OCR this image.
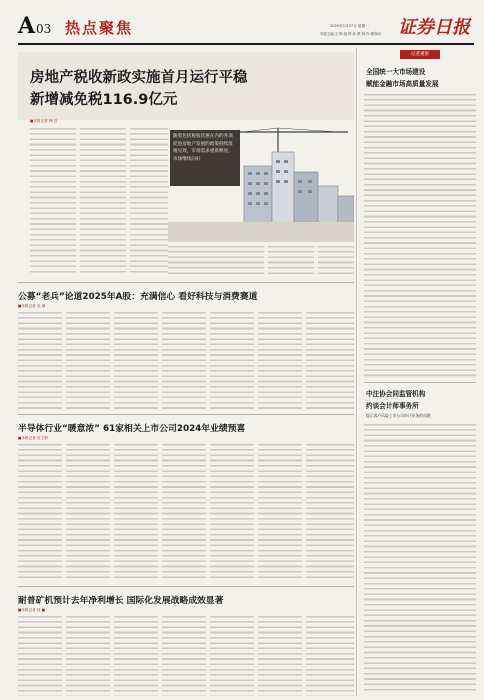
A 03 热点聚焦	2025年1月27日 星期一
本版主编:王 辉 编 辑:孙 倩 制 作:董春雨 证券日报
房地产税收新政实施首月运行平稳
新增减免税116.9亿元
■本报记者 韩 昱
随着包括税收优惠在内的各项促进房地产发展的政策持续落地见效，市场需求重新释放，市场继续向好
记者观察
全国统一大市场建设
赋能金融市场高质量发展
中注协会同监管机构
约谈会计师事务所
提示客户风险上市公司审计业务的问题
公募“老兵”论道2025年A股：充满信心 看好科技与消费赛道
■本报记者 吴 珊
半导体行业“暖意浓” 61家相关上市公司2024年业绩预喜
■本报记者 贺王娟
耐普矿机预计去年净利增长 国际化发展战略成效显著
■本报记者 桂 ■
